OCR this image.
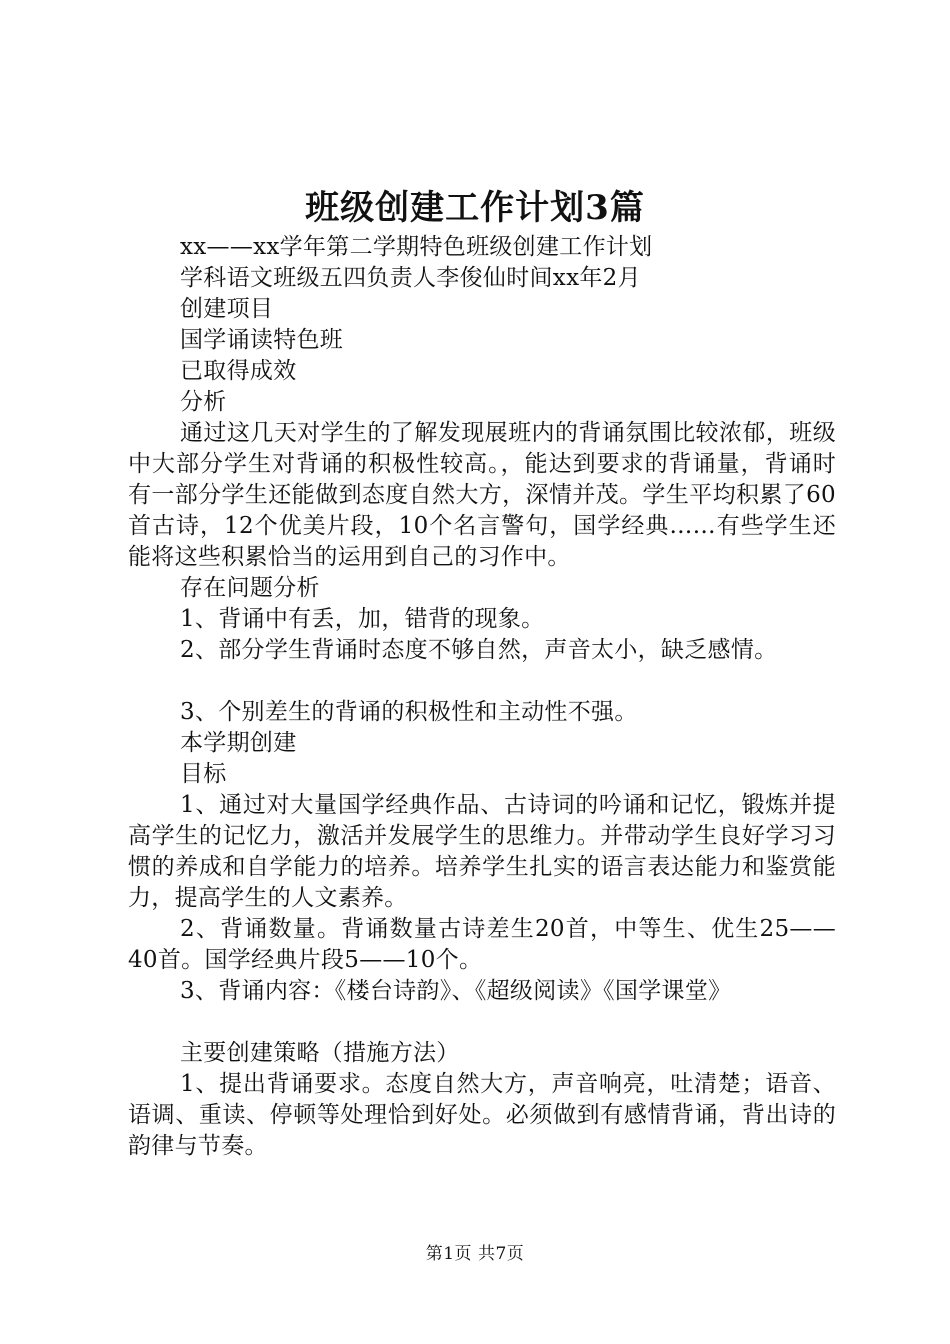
班级创建工作计划3篇

xx——xx学年第二学期特色班级创建工作计划

学科语文班级五四负责人李俊仙时间xx年2月

创建项目

国学诵读特色班

已取得成效

分析

通过这几天对学生的了解发现展班内的背诵氛围比较浓郁，班级中大部分学生对背诵的积极性较高。，能达到要求的背诵量，背诵时有一部分学生还能做到态度自然大方，深情并茂。学生平均积累了60首古诗，12个优美片段，10个名言警句，国学经典……有些学生还能将这些积累恰当的运用到自己的习作中。

存在问题分析

1、背诵中有丢，加，错背的现象。

2、部分学生背诵时态度不够自然，声音太小，缺乏感情。

3、个别差生的背诵的积极性和主动性不强。

本学期创建

目标

1、通过对大量国学经典作品、古诗词的吟诵和记忆，锻炼并提高学生的记忆力，激活并发展学生的思维力。并带动学生良好学习习惯的养成和自学能力的培养。培养学生扎实的语言表达能力和鉴赏能力，提高学生的人文素养。

2、背诵数量。背诵数量古诗差生20首，中等生、优生25——40首。国学经典片段5——10个。

3、背诵内容：《楼台诗韵》、《超级阅读》《国学课堂》

主要创建策略（措施方法）

1、提出背诵要求。态度自然大方，声音响亮，吐清楚；语音、语调、重读、停顿等处理恰到好处。必须做到有感情背诵，背出诗的韵律与节奏。

第1页 共7页
